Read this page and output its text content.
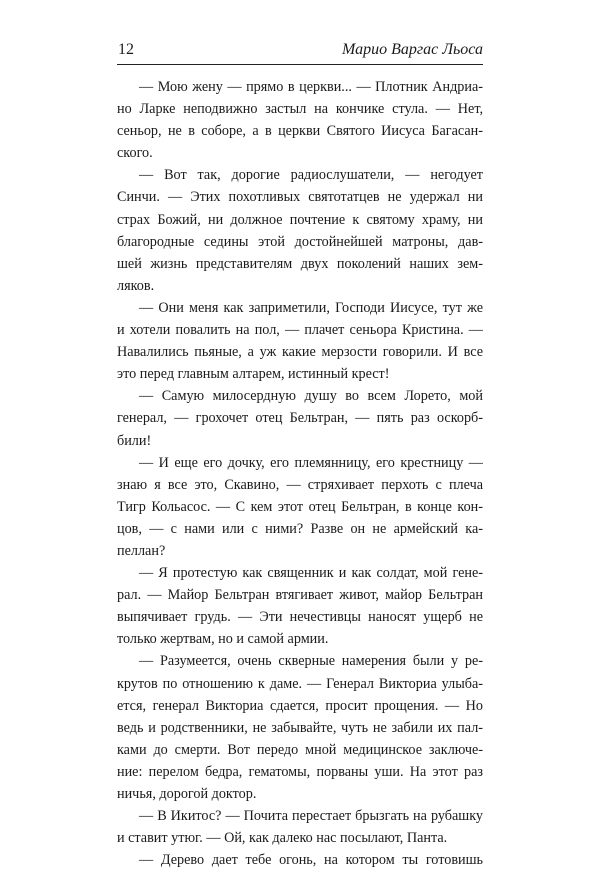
12	Марио Варгас Льоса
— Мою жену — прямо в церкви... — Плотник Андриа-
но Ларке неподвижно застыл на кончике стула. — Нет,
сеньор, не в соборе, а в церкви Святого Иисуса Багасан-
ского.
— Вот так, дорогие радиослушатели, — негодует
Синчи. — Этих похотливых святотатцев не удержал ни
страх Божий, ни должное почтение к святому храму, ни
благородные седины этой достойнейшей матроны, дав-
шей жизнь представителям двух поколений наших зем-
ляков.
— Они меня как заприметили, Господи Иисусе, тут же
и хотели повалить на пол, — плачет сеньора Кристина. —
Навалились пьяные, а уж какие мерзости говорили. И все
это перед главным алтарем, истинный крест!
— Самую милосердную душу во всем Лорето, мой
генерал, — грохочет отец Бельтран, — пять раз оскорб-
били!
— И еще его дочку, его племянницу, его крестницу —
знаю я все это, Скавино, — стряхивает перхоть с плеча
Тигр Кольасос. — С кем этот отец Бельтран, в конце кон-
цов, — с нами или с ними? Разве он не армейский ка-
пеллан?
— Я протестую как священник и как солдат, мой гене-
рал. — Майор Бельтран втягивает живот, майор Бельтран
выпячивает грудь. — Эти нечестивцы наносят ущерб не
только жертвам, но и самой армии.
— Разумеется, очень скверные намерения были у ре-
крутов по отношению к даме. — Генерал Викториа улыба-
ется, генерал Викториа сдается, просит прощения. — Но
ведь и родственники, не забывайте, чуть не забили их пал-
ками до смерти. Вот передо мной медицинское заключе-
ние: перелом бедра, гематомы, порваны уши. На этот раз
ничья, дорогой доктор.
— В Икитос? — Почита перестает брызгать на рубашку
и ставит утюг. — Ой, как далеко нас посылают, Панта.
— Дерево дает тебе огонь, на котором ты готовишь
